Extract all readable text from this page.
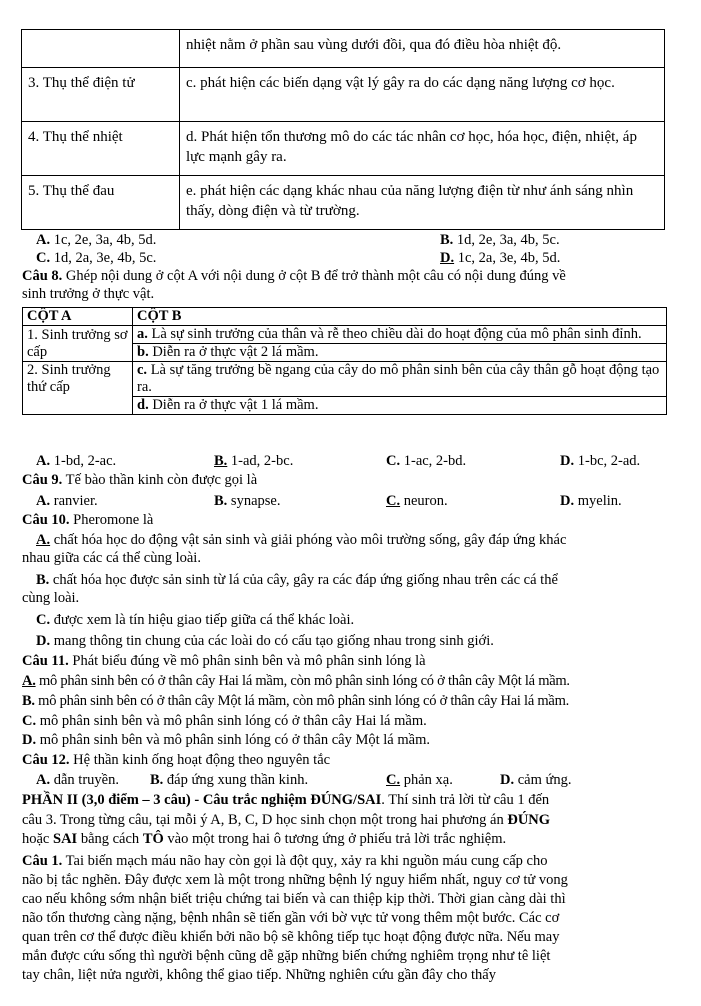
	nhiệt nằm ở phần sau vùng dưới đồi, qua đó điều hòa nhiệt độ.
3. Thụ thể điện tử	c. phát hiện các biến dạng vật lý gây ra do các dạng năng lượng cơ học.
4. Thụ thể nhiệt	d. Phát hiện tổn thương mô do các tác nhân cơ học, hóa học, điện, nhiệt, áp lực mạnh gây ra.
5. Thụ thể đau	e. phát hiện các dạng khác nhau của năng lượng điện từ như ánh sáng nhìn thấy, dòng điện và từ trường.
A. 1c, 2e, 3a, 4b, 5d.	B. 1d, 2e, 3a, 4b, 5c.
C. 1d, 2a, 3e, 4b, 5c.	D. 1c, 2a, 3e, 4b, 5d.
Câu 8. Ghép nội dung ở cột A với nội dung ở cột B để trở thành một câu có nội dung đúng về
sinh trưởng ở thực vật.
CỘT A	CỘT B
1. Sinh trưởng sơ cấp	a. Là sự sinh trưởng của thân và rễ theo chiều dài do hoạt động của mô phân sinh đỉnh.
	b. Diễn ra ở thực vật 2 lá mầm.
2. Sinh trưởng thứ cấp	c. Là sự tăng trưởng bề ngang của cây do mô phân sinh bên của cây thân gỗ hoạt động tạo ra.
	d. Diễn ra ở thực vật 1 lá mầm.
A. 1-bd, 2-ac.	B. 1-ad, 2-bc.	C. 1-ac, 2-bd.	D. 1-bc, 2-ad.
Câu 9. Tế bào thần kinh còn được gọi là
A. ranvier.	B. synapse.	C. neuron.	D. myelin.
Câu 10. Pheromone là
A. chất hóa học do động vật sản sinh và giải phóng vào môi trường sống, gây đáp ứng khác
nhau giữa các cá thể cùng loài.
B. chất hóa học được sản sinh từ lá của cây, gây ra các đáp ứng giống nhau trên các cá thể
cùng loài.
C. được xem là tín hiệu giao tiếp giữa cá thể khác loài.
D. mang thông tin chung của các loài do có cấu tạo giống nhau trong sinh giới.
Câu 11. Phát biểu đúng về mô phân sinh bên và mô phân sinh lóng là
A. mô phân sinh bên có ở thân cây Hai lá mầm, còn mô phân sinh lóng có ở thân cây Một lá mầm.
B. mô phân sinh bên có ở thân cây Một lá mầm, còn mô phân sinh lóng có ở thân cây Hai lá mầm.
C. mô phân sinh bên và mô phân sinh lóng có ở thân cây Hai lá mầm.
D. mô phân sinh bên và mô phân sinh lóng có ở thân cây Một lá mầm.
Câu 12. Hệ thần kinh ống hoạt động theo nguyên tắc
A. dẫn truyền. B. đáp ứng xung thần kinh.	C. phản xạ.	D. cảm ứng.
PHẦN II (3,0 điểm – 3 câu) - Câu trắc nghiệm ĐÚNG/SAI. Thí sinh trả lời từ câu 1 đến
câu 3. Trong từng câu, tại mỗi ý A, B, C, D học sinh chọn một trong hai phương án ĐÚNG
hoặc SAI bằng cách TÔ vào một trong hai ô tương ứng ở phiếu trả lời trắc nghiệm.
Câu 1. Tai biến mạch máu não hay còn gọi là đột quỵ, xảy ra khi nguồn máu cung cấp cho
não bị tắc nghẽn. Đây được xem là một trong những bệnh lý nguy hiểm nhất, nguy cơ tử vong
cao nếu không sớm nhận biết triệu chứng tai biến và can thiệp kịp thời. Thời gian càng dài thì
não tổn thương càng nặng, bệnh nhân sẽ tiến gần với bờ vực tử vong thêm một bước. Các cơ
quan trên cơ thể được điều khiển bởi não bộ sẽ không tiếp tục hoạt động được nữa. Nếu may
mắn được cứu sống thì người bệnh cũng dễ gặp những biến chứng nghiêm trọng như tê liệt
tay chân, liệt nửa người, không thể giao tiếp. Những nghiên cứu gần đây cho thấy
